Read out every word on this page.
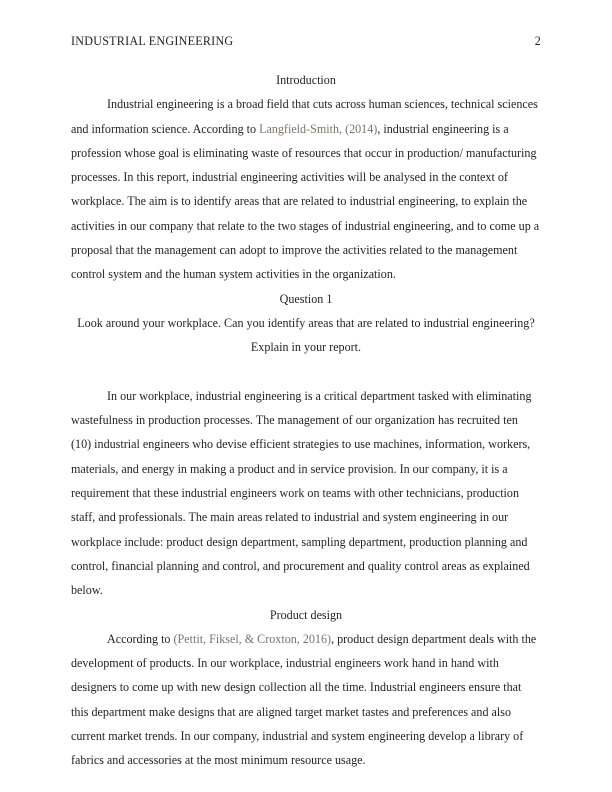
INDUSTRIAL ENGINEERING	2
Introduction

Industrial engineering is a broad field that cuts across human sciences, technical sciences and information science. According to Langfield-Smith, (2014), industrial engineering is a profession whose goal is eliminating waste of resources that occur in production/ manufacturing processes. In this report, industrial engineering activities will be analysed in the context of workplace. The aim is to identify areas that are related to industrial engineering, to explain the activities in our company that relate to the two stages of industrial engineering, and to come up a proposal that the management can adopt to improve the activities related to the management control system and the human system activities in the organization.

Question 1

Look around your workplace. Can you identify areas that are related to industrial engineering? Explain in your report.

In our workplace, industrial engineering is a critical department tasked with eliminating wastefulness in production processes. The management of our organization has recruited ten (10) industrial engineers who devise efficient strategies to use machines, information, workers, materials, and energy in making a product and in service provision. In our company, it is a requirement that these industrial engineers work on teams with other technicians, production staff, and professionals. The main areas related to industrial and system engineering in our workplace include: product design department, sampling department, production planning and control, financial planning and control, and procurement and quality control areas as explained below.

Product design

According to (Pettit, Fiksel, & Croxton, 2016), product design department deals with the development of products. In our workplace, industrial engineers work hand in hand with designers to come up with new design collection all the time. Industrial engineers ensure that this department make designs that are aligned target market tastes and preferences and also current market trends. In our company, industrial and system engineering develop a library of fabrics and accessories at the most minimum resource usage.
